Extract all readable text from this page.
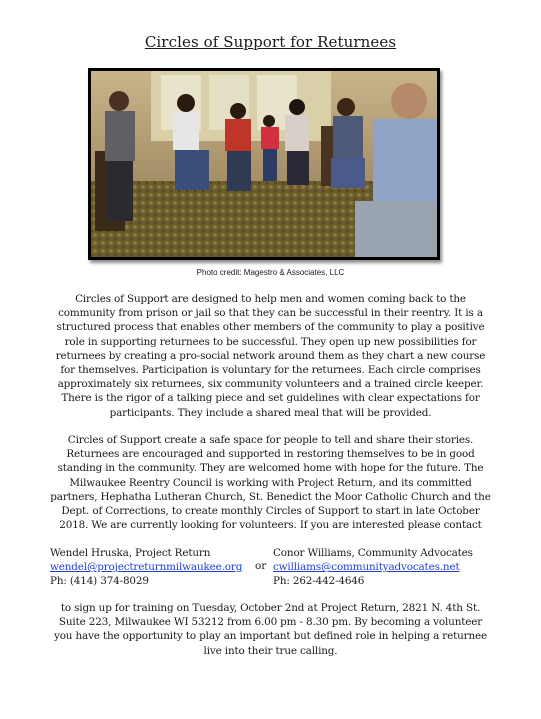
Circles of Support for Returnees
Photo credit: Magestro & Associates, LLC
Circles of Support are designed to help men and women coming back to the community from prison or jail so that they can be successful in their reentry. It is a structured process that enables other members of the community to play a positive role in supporting returnees to be successful. They open up new possibilities for returnees by creating a pro-social network around them as they chart a new course for themselves. Participation is voluntary for the returnees. Each circle comprises approximately six returnees, six community volunteers and a trained circle keeper. There is the rigor of a talking piece and set guidelines with clear expectations for participants. They include a shared meal that will be provided.
Circles of Support create a safe space for people to tell and share their stories. Returnees are encouraged and supported in restoring themselves to be in good standing in the community. They are welcomed home with hope for the future. The Milwaukee Reentry Council is working with Project Return, and its committed partners, Hephatha Lutheran Church, St. Benedict the Moor Catholic Church and the Dept. of Corrections, to create monthly Circles of Support to start in late October 2018. We are currently looking for volunteers. If you are interested please contact
Wendel Hruska, Project Return
wendel@projectreturnmilwaukee.org
Ph: (414) 374-8029
or
Conor Williams, Community Advocates
cwilliams@communityadvocates.net
Ph: 262-442-4646
to sign up for training on Tuesday, October 2nd at Project Return, 2821 N. 4th St. Suite 223, Milwaukee WI 53212 from 6.00 pm - 8.30 pm. By becoming a volunteer you have the opportunity to play an important but defined role in helping a returnee live into their true calling.
